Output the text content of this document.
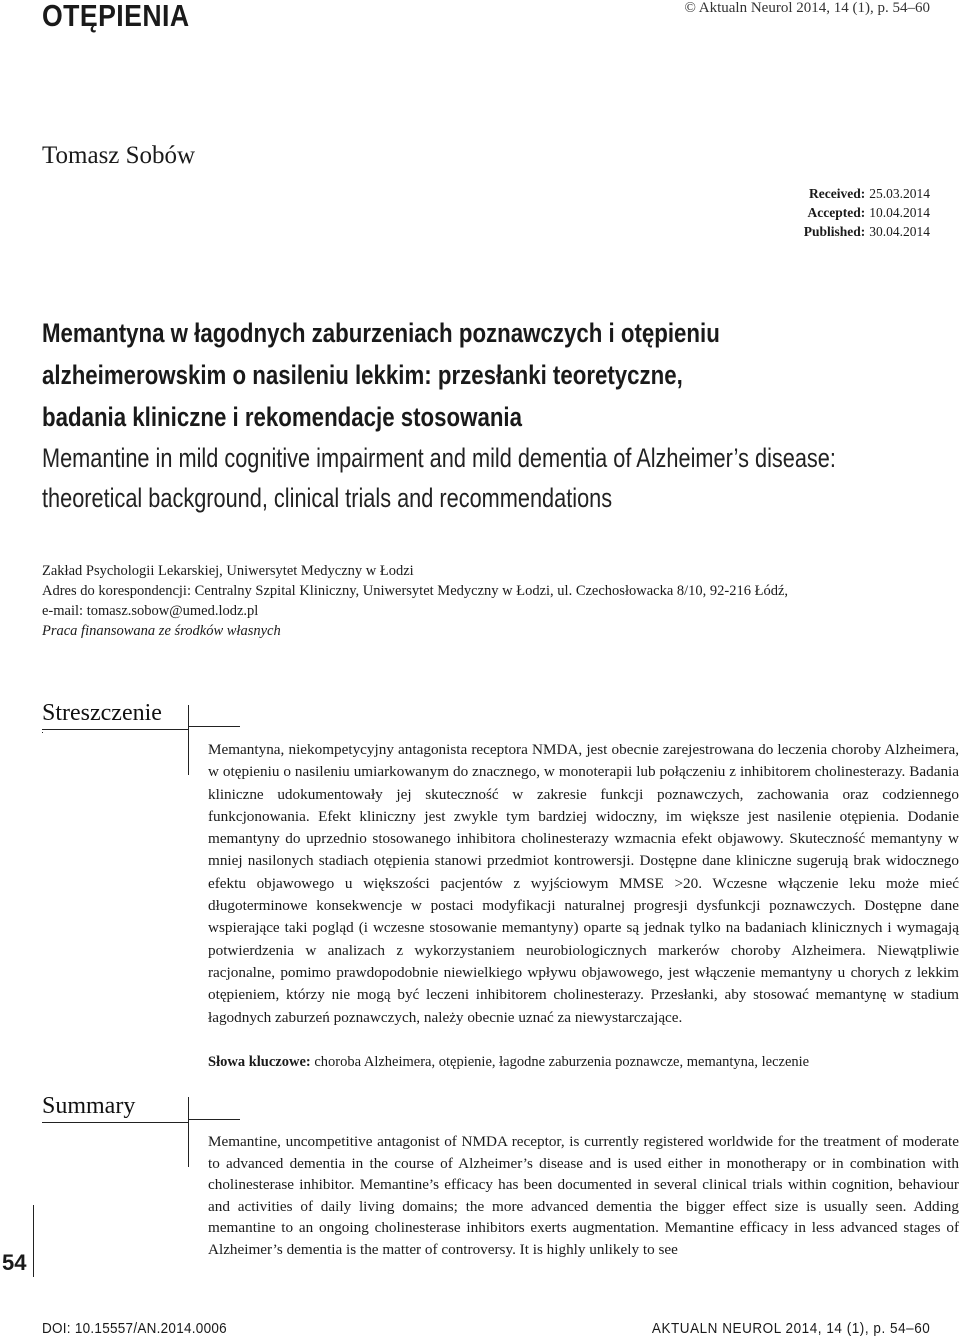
OTĘPIENIA	© Aktualn Neurol 2014, 14 (1), p. 54–60
Tomasz Sobów
Received: 25.03.2014
Accepted: 10.04.2014
Published: 30.04.2014
Memantyna w łagodnych zaburzeniach poznawczych i otępieniu
alzheimerowskim o nasileniu lekkim: przesłanki teoretyczne,
badania kliniczne i rekomendacje stosowania
Memantine in mild cognitive impairment and mild dementia of Alzheimer’s disease:
theoretical background, clinical trials and recommendations
Zakład Psychologii Lekarskiej, Uniwersytet Medyczny w Łodzi
Adres do korespondencji: Centralny Szpital Kliniczny, Uniwersytet Medyczny w Łodzi, ul. Czechosłowacka 8/10, 92-216 Łódź,
e-mail: tomasz.sobow@umed.lodz.pl
Praca finansowana ze środków własnych
Streszczenie
Memantyna, niekompetycyjny antagonista receptora NMDA, jest obecnie zarejestrowana do leczenia choroby Alzheimera, w otępieniu o nasileniu umiarkowanym do znacznego, w monoterapii lub połączeniu z inhibitorem cholinesterazy. Badania kliniczne udokumentowały jej skuteczność w zakresie funkcji poznawczych, zachowania oraz codziennego funkcjonowania. Efekt kliniczny jest zwykle tym bardziej widoczny, im większe jest nasilenie otępienia. Dodanie memantyny do uprzednio stosowanego inhibitora cholinesterazy wzmacnia efekt objawowy. Skuteczność memantyny w mniej nasilonych stadiach otępienia stanowi przedmiot kontrowersji. Dostępne dane kliniczne sugerują brak widocznego efektu objawowego u większości pacjentów z wyjściowym MMSE >20. Wczesne włączenie leku może mieć długoterminowe konsekwencje w postaci modyfikacji naturalnej progresji dysfunkcji poznawczych. Dostępne dane wspierające taki pogląd (i wczesne stosowanie memantyny) oparte są jednak tylko na badaniach klinicznych i wymagają potwierdzenia w analizach z wykorzystaniem neurobiologicznych markerów choroby Alzheimera. Niewątpliwie racjonalne, pomimo prawdopodobnie niewielkiego wpływu objawowego, jest włączenie memantyny u chorych z lekkim otępieniem, którzy nie mogą być leczeni inhibitorem cholinesterazy. Przesłanki, aby stosować memantynę w stadium łagodnych zaburzeń poznawczych, należy obecnie uznać za niewystarczające.
Słowa kluczowe: choroba Alzheimera, otępienie, łagodne zaburzenia poznawcze, memantyna, leczenie
Summary
Memantine, uncompetitive antagonist of NMDA receptor, is currently registered worldwide for the treatment of moderate to advanced dementia in the course of Alzheimer’s disease and is used either in monotherapy or in combination with cholinesterase inhibitor. Memantine’s efficacy has been documented in several clinical trials within cognition, behaviour and activities of daily living domains; the more advanced dementia the bigger effect size is usually seen. Adding memantine to an ongoing cholinesterase inhibitors exerts augmentation. Memantine efficacy in less advanced stages of Alzheimer’s dementia is the matter of controversy. It is highly unlikely to see
54
DOI: 10.15557/AN.2014.0006	AKTUALN NEUROL 2014, 14 (1), p. 54–60
